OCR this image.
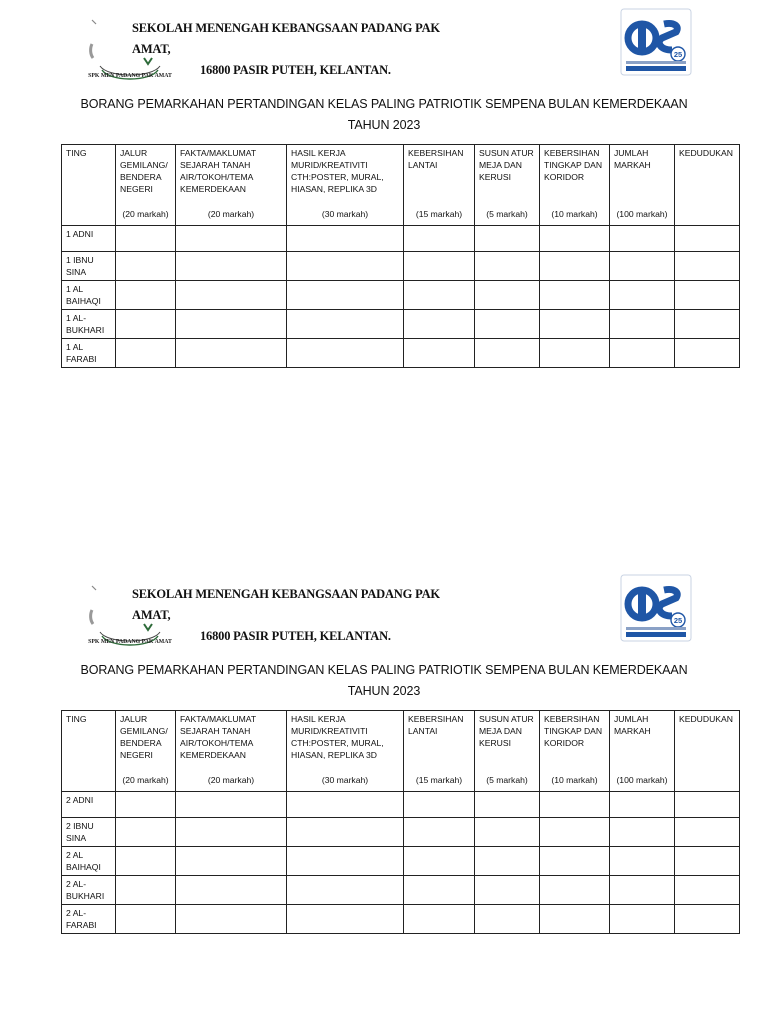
SPK MEN PADANG PAK AMAT
SEKOLAH MENENGAH KEBANGSAAN PADANG PAK AMAT,
16800 PASIR PUTEH, KELANTAN.
25
BORANG PEMARKAHAN PERTANDINGAN KELAS PALING PATRIOTIK SEMPENA BULAN KEMERDEKAAN
TAHUN 2023
TING	JALUR
GEMILANG/
BENDERA
NEGERI
(20 markah)	FAKTA/MAKLUMAT
SEJARAH TANAH
AIR/TOKOH/TEMA
KEMERDEKAAN
(20 markah)	HASIL KERJA
MURID/KREATIVITI
CTH:POSTER, MURAL,
HIASAN, REPLIKA 3D
(30 markah)	KEBERSIHAN
LANTAI
(15 markah)	SUSUN ATUR
MEJA DAN
KERUSI
(5 markah)	KEBERSIHAN
TINGKAP DAN
KORIDOR
(10 markah)	JUMLAH
MARKAH
(100 markah)	KEDUDUKAN

1 ADNI								
1 IBNU SINA								
1 AL BAIHAQI								
1 AL-BUKHARI								
1 AL FARABI								
SPK MEN PADANG PAK AMAT
SEKOLAH MENENGAH KEBANGSAAN PADANG PAK AMAT,
16800 PASIR PUTEH, KELANTAN.
25
BORANG PEMARKAHAN PERTANDINGAN KELAS PALING PATRIOTIK SEMPENA BULAN KEMERDEKAAN
TAHUN 2023
TING	JALUR
GEMILANG/
BENDERA
NEGERI
(20 markah)	FAKTA/MAKLUMAT
SEJARAH TANAH
AIR/TOKOH/TEMA
KEMERDEKAAN
(20 markah)	HASIL KERJA
MURID/KREATIVITI
CTH:POSTER, MURAL,
HIASAN, REPLIKA 3D
(30 markah)	KEBERSIHAN
LANTAI
(15 markah)	SUSUN ATUR
MEJA DAN
KERUSI
(5 markah)	KEBERSIHAN
TINGKAP DAN
KORIDOR
(10 markah)	JUMLAH
MARKAH
(100 markah)	KEDUDUKAN

2 ADNI								
2 IBNU SINA								
2 AL BAIHAQI								
2 AL-BUKHARI								
2 AL-FARABI								
